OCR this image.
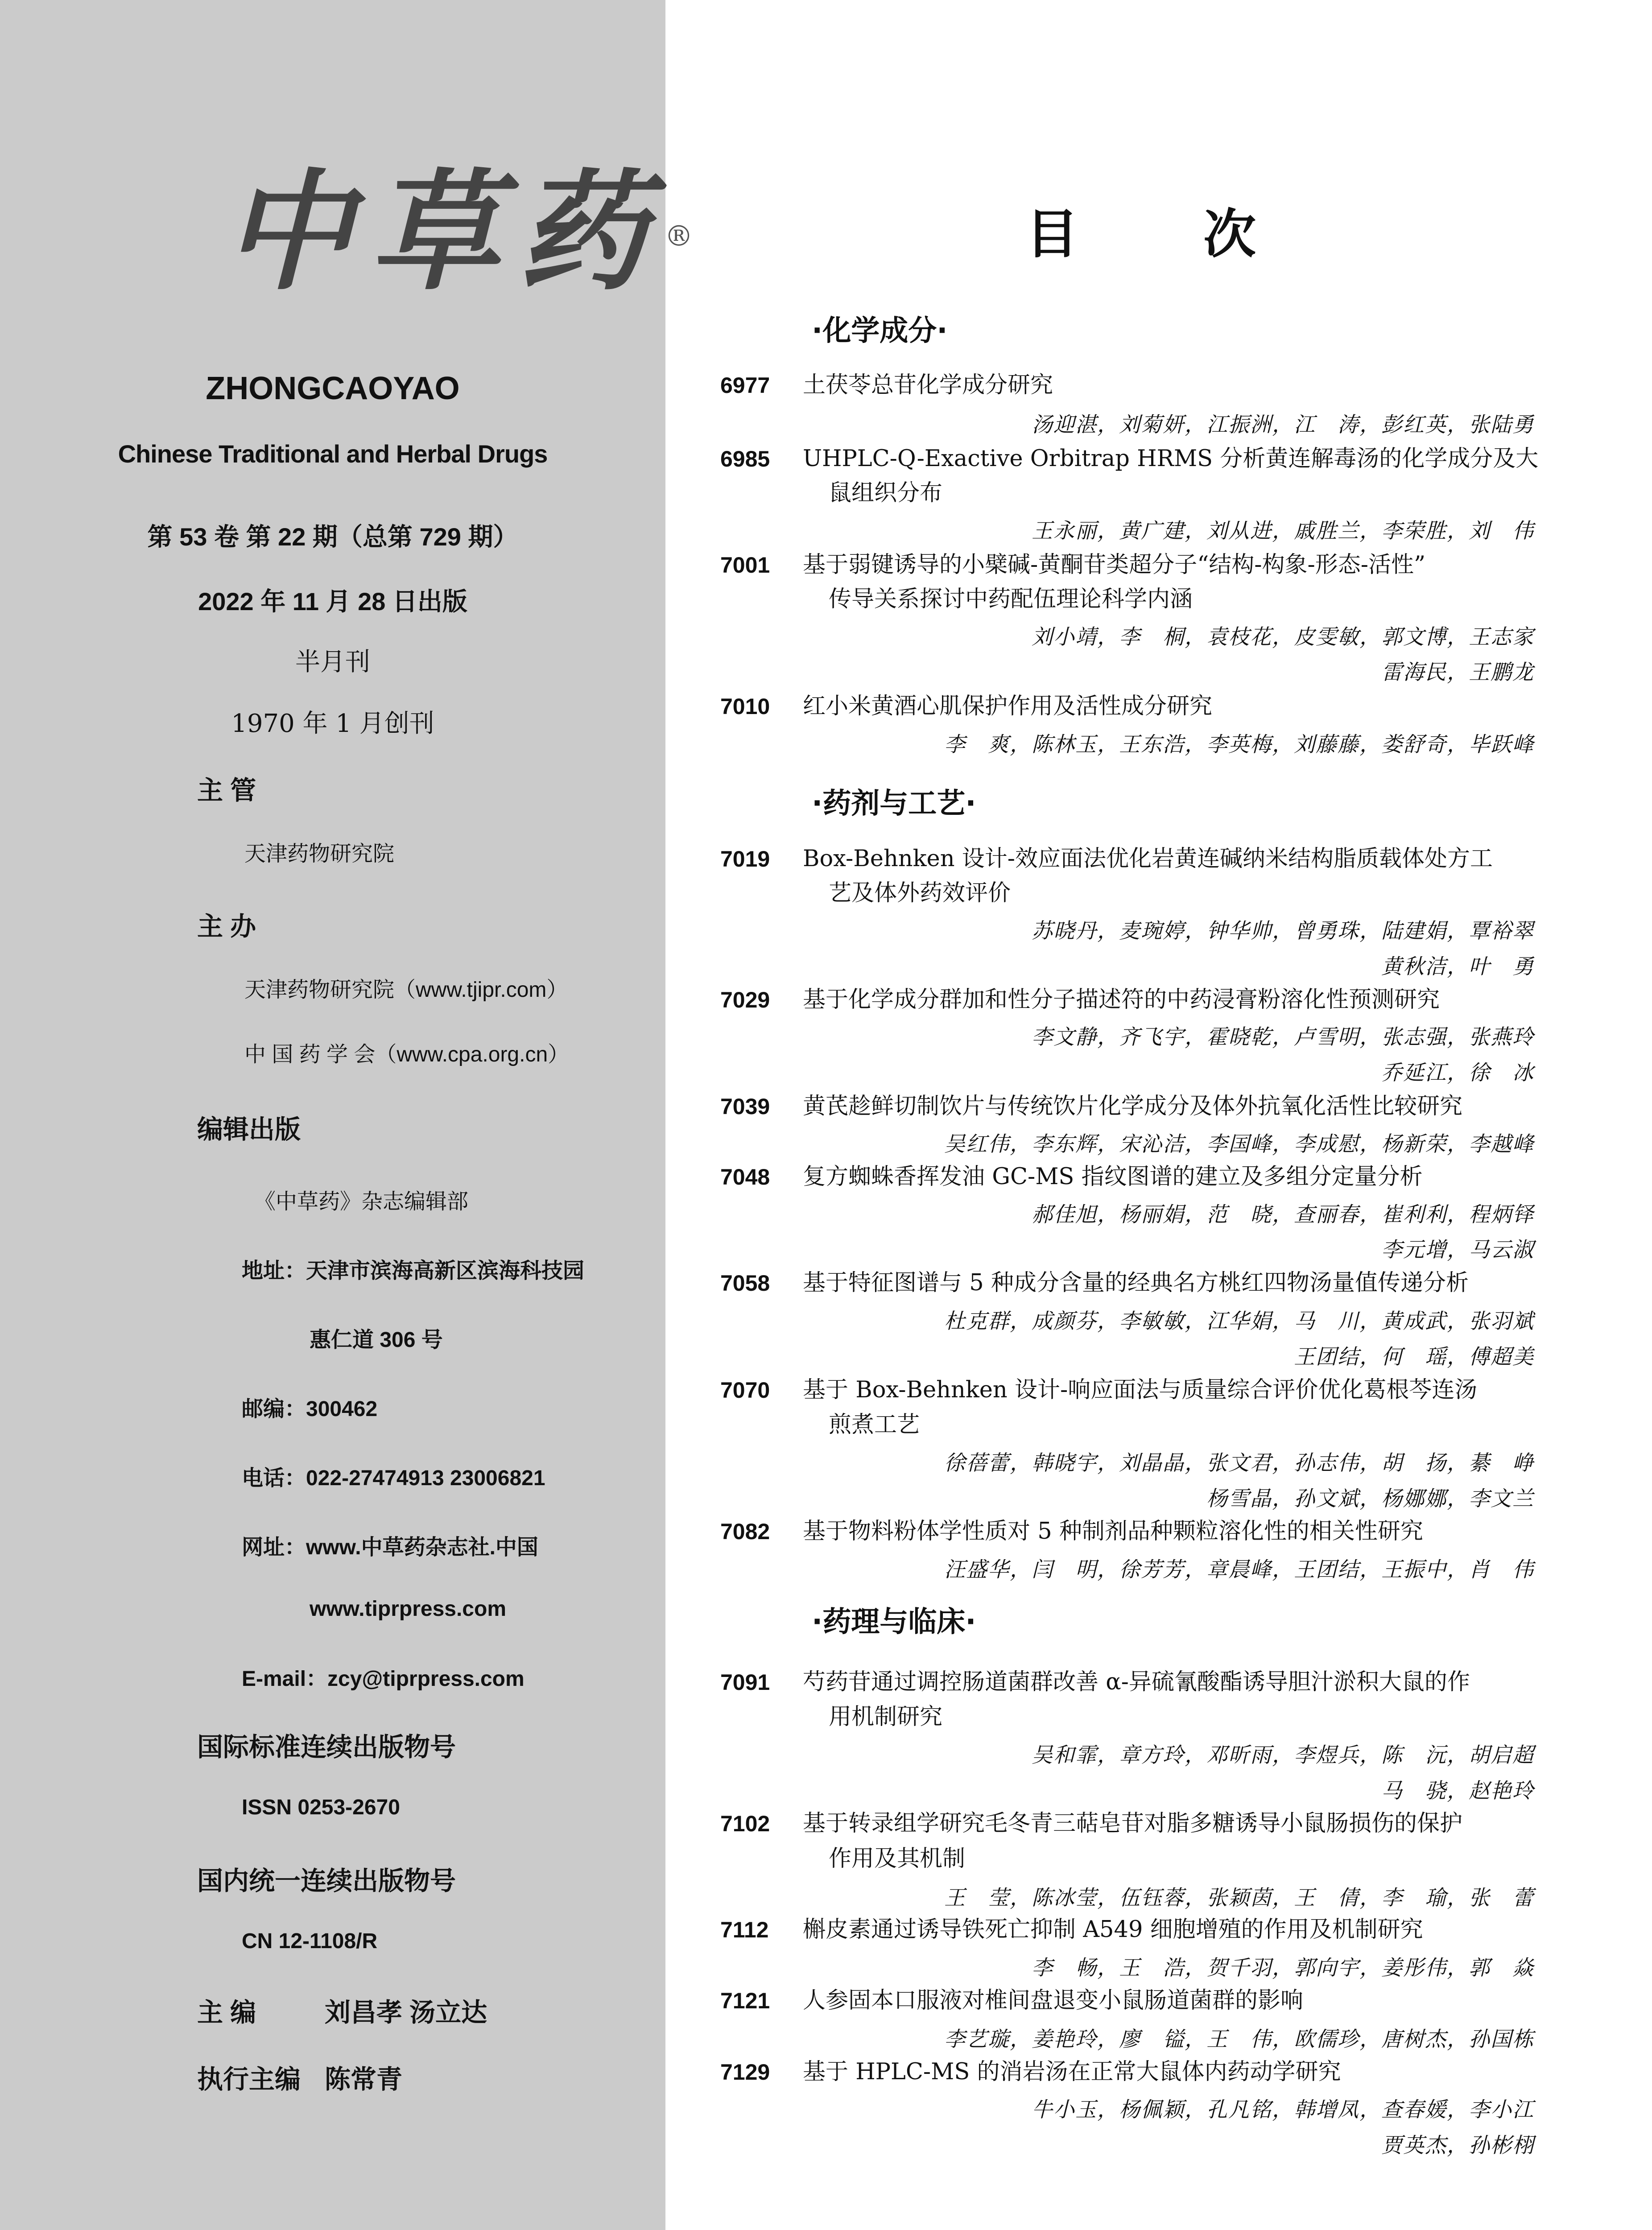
中草药®
ZHONGCAOYAO
Chinese Traditional and Herbal Drugs
第 53 卷 第 22 期（总第 729 期）
2022 年 11 月 28 日出版
半月刊
1970 年 1 月创刊
主 管
天津药物研究院
主 办
天津药物研究院（www.tjipr.com）
中 国 药 学 会（www.cpa.org.cn）
编辑出版
《中草药》杂志编辑部
地址：天津市滨海高新区滨海科技园
惠仁道 306 号
邮编：300462
电话：022-27474913 23006821
网址：www.中草药杂志社.中国
www.tiprpress.com
E-mail：zcy@tiprpress.com
国际标准连续出版物号
ISSN 0253-2670
国内统一连续出版物号
CN 12-1108/R
主 编	刘昌孝 汤立达
执行主编 陈常青
目 次
·化学成分·
·药剂与工艺·
·药理与临床·
6977 土茯苓总苷化学成分研究
汤迎湛，刘菊妍，江振洲，江　涛，彭红英，张陆勇
6985 UHPLC-Q-Exactive Orbitrap HRMS 分析黄连解毒汤的化学成分及大
鼠组织分布
王永丽，黄广建，刘从进，戚胜兰，李荣胜，刘　伟
7001 基于弱键诱导的小檗碱-黄酮苷类超分子“结构-构象-形态-活性”
传导关系探讨中药配伍理论科学内涵
刘小靖，李　桐，袁枝花，皮雯敏，郭文博，王志家
雷海民，王鹏龙
7010 红小米黄酒心肌保护作用及活性成分研究
李　爽，陈林玉，王东浩，李英梅，刘藤藤，娄舒奇，毕跃峰
7019 Box-Behnken 设计-效应面法优化岩黄连碱纳米结构脂质载体处方工
艺及体外药效评价
苏晓丹，麦琬婷，钟华帅，曾勇珠，陆建娟，覃裕翠
黄秋洁，叶　勇
7029 基于化学成分群加和性分子描述符的中药浸膏粉溶化性预测研究
李文静，齐飞宇，霍晓乾，卢雪明，张志强，张燕玲
乔延江，徐　冰
7039 黄芪趁鲜切制饮片与传统饮片化学成分及体外抗氧化活性比较研究
吴红伟，李东辉，宋沁洁，李国峰，李成慰，杨新荣，李越峰
7048 复方蜘蛛香挥发油 GC-MS 指纹图谱的建立及多组分定量分析
郝佳旭，杨丽娟，范　晓，查丽春，崔利利，程炳铎
李元增，马云淑
7058 基于特征图谱与 5 种成分含量的经典名方桃红四物汤量值传递分析
杜克群，成颜芬，李敏敏，江华娟，马　川，黄成武，张羽斌
王团结，何　瑶，傅超美
7070 基于 Box-Behnken 设计-响应面法与质量综合评价优化葛根芩连汤
煎煮工艺
徐蓓蕾，韩晓宇，刘晶晶，张文君，孙志伟，胡　扬，綦　峥
杨雪晶，孙文斌，杨娜娜，李文兰
7082 基于物料粉体学性质对 5 种制剂品种颗粒溶化性的相关性研究
汪盛华，闫　明，徐芳芳，章晨峰，王团结，王振中，肖　伟
7091 芍药苷通过调控肠道菌群改善 α-异硫氰酸酯诱导胆汁淤积大鼠的作
用机制研究
吴和霏，章方玲，邓昕雨，李煜兵，陈　沅，胡启超
马　骁，赵艳玲
7102 基于转录组学研究毛冬青三萜皂苷对脂多糖诱导小鼠肠损伤的保护
作用及其机制
王　莹，陈冰莹，伍钰蓉，张颖茵，王　倩，李　瑜，张　蕾
7112 槲皮素通过诱导铁死亡抑制 A549 细胞增殖的作用及机制研究
李　畅，王　浩，贺千羽，郭向宇，姜彤伟，郭　焱
7121 人参固本口服液对椎间盘退变小鼠肠道菌群的影响
李艺璇，姜艳玲，廖　镒，王　伟，欧儒珍，唐树杰，孙国栋
7129 基于 HPLC-MS 的消岩汤在正常大鼠体内药动学研究
牛小玉，杨佩颖，孔凡铭，韩增凤，查春媛，李小江
贾英杰，孙彬栩
